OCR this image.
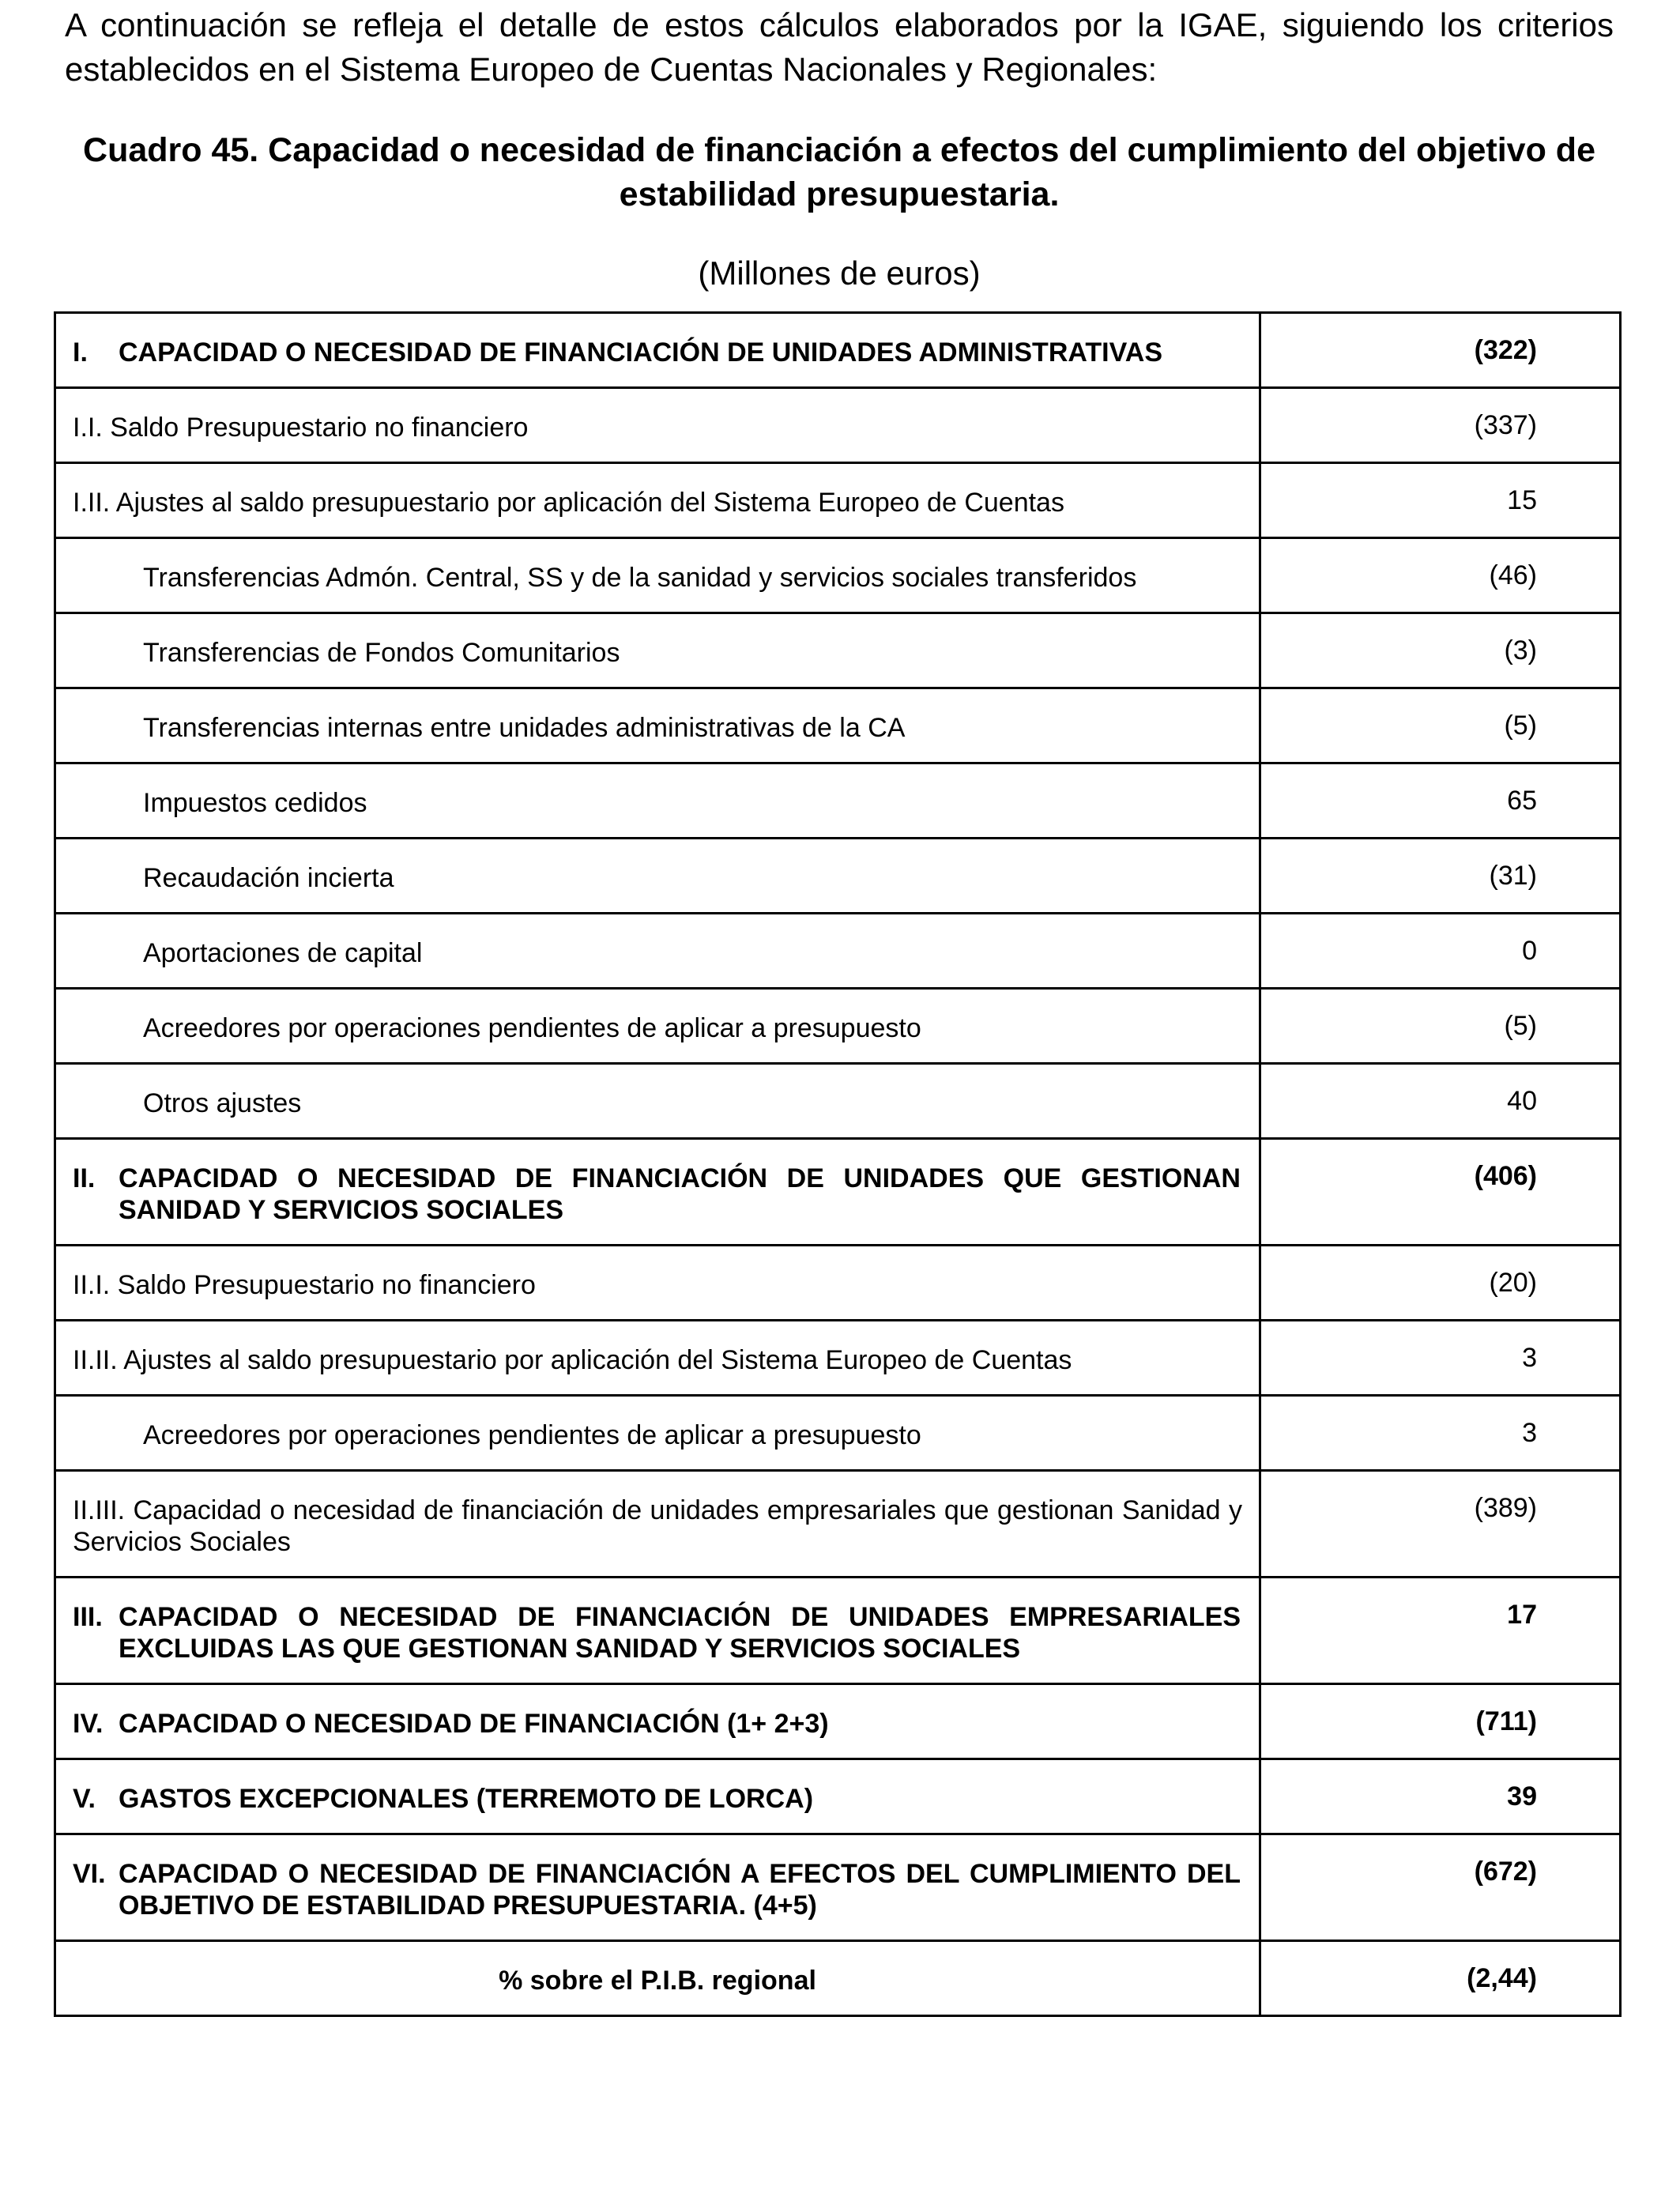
A continuación se refleja el detalle de estos cálculos elaborados por la IGAE, siguiendo los criterios establecidos en el Sistema Europeo de Cuentas Nacionales y Regionales:
Cuadro 45. Capacidad o necesidad de financiación a efectos del cumplimiento del objetivo de estabilidad presupuestaria.
(Millones de euros)
I. CAPACIDAD O NECESIDAD DE FINANCIACIÓN DE UNIDADES ADMINISTRATIVAS	(322)

I.I. Saldo Presupuestario no financiero	(337)

I.II. Ajustes al saldo presupuestario por aplicación del Sistema Europeo de Cuentas	15

Transferencias Admón. Central, SS y de la sanidad y servicios sociales transferidos	(46)

Transferencias de Fondos Comunitarios	(3)

Transferencias internas entre unidades administrativas de la CA	(5)

Impuestos cedidos	65

Recaudación incierta	(31)

Aportaciones de capital	0

Acreedores por operaciones pendientes de aplicar a presupuesto	(5)

Otros ajustes	40

II. CAPACIDAD O NECESIDAD DE FINANCIACIÓN DE UNIDADES QUE GESTIONAN SANIDAD Y SERVICIOS SOCIALES	(406)

II.I. Saldo Presupuestario no financiero	(20)

II.II. Ajustes al saldo presupuestario por aplicación del Sistema Europeo de Cuentas	3

Acreedores por operaciones pendientes de aplicar a presupuesto	3

II.III. Capacidad o necesidad de financiación de unidades empresariales que gestionan Sanidad y Servicios Sociales	(389)

III. CAPACIDAD O NECESIDAD DE FINANCIACIÓN DE UNIDADES EMPRESARIALES EXCLUIDAS LAS QUE GESTIONAN SANIDAD Y SERVICIOS SOCIALES	17

IV. CAPACIDAD O NECESIDAD DE FINANCIACIÓN (1+ 2+3)	(711)

V. GASTOS EXCEPCIONALES (TERREMOTO DE LORCA)	39

VI. CAPACIDAD O NECESIDAD DE FINANCIACIÓN A EFECTOS DEL CUMPLIMIENTO DEL OBJETIVO DE ESTABILIDAD PRESUPUESTARIA. (4+5)	(672)

% sobre el P.I.B. regional	(2,44)
